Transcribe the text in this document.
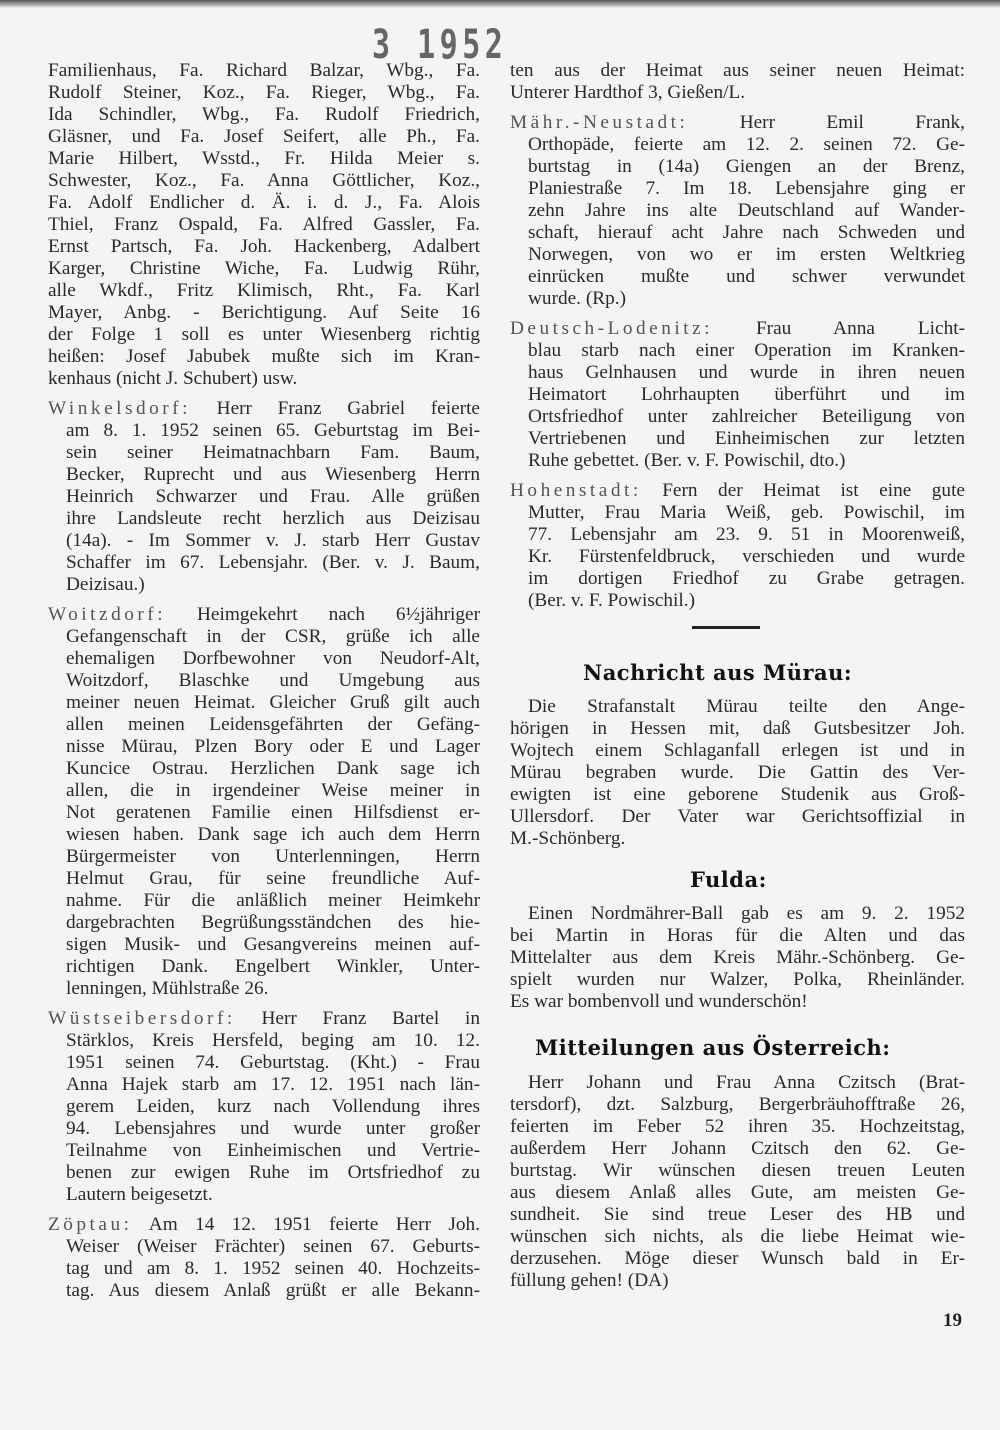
3 1952
Familienhaus, Fa. Richard Balzar, Wbg., Fa.
Rudolf Steiner, Koz., Fa. Rieger, Wbg., Fa.
Ida Schindler, Wbg., Fa. Rudolf Friedrich,
Gläsner, und Fa. Josef Seifert, alle Ph., Fa.
Marie Hilbert, Wsstd., Fr. Hilda Meier s.
Schwester, Koz., Fa. Anna Göttlicher, Koz.,
Fa. Adolf Endlicher d. Ä. i. d. J., Fa. Alois
Thiel, Franz Ospald, Fa. Alfred Gassler, Fa.
Ernst Partsch, Fa. Joh. Hackenberg, Adalbert
Karger, Christine Wiche, Fa. Ludwig Rühr,
alle Wkdf., Fritz Klimisch, Rht., Fa. Karl
Mayer, Anbg. - Berichtigung. Auf Seite 16
der Folge 1 soll es unter Wiesenberg richtig
heißen: Josef Jabubek mußte sich im Kran-
kenhaus (nicht J. Schubert) usw.
Winkelsdorf: Herr Franz Gabriel feierte
am 8. 1. 1952 seinen 65. Geburtstag im Bei-
sein seiner Heimatnachbarn Fam. Baum,
Becker, Ruprecht und aus Wiesenberg Herrn
Heinrich Schwarzer und Frau. Alle grüßen
ihre Landsleute recht herzlich aus Deizisau
(14a). - Im Sommer v. J. starb Herr Gustav
Schaffer im 67. Lebensjahr. (Ber. v. J. Baum,
Deizisau.)
Woitzdorf: Heimgekehrt nach 6½jähriger
Gefangenschaft in der CSR, grüße ich alle
ehemaligen Dorfbewohner von Neudorf-Alt,
Woitzdorf, Blaschke und Umgebung aus
meiner neuen Heimat. Gleicher Gruß gilt auch
allen meinen Leidensgefährten der Gefäng-
nisse Mürau, Plzen Bory oder E und Lager
Kuncice Ostrau. Herzlichen Dank sage ich
allen, die in irgendeiner Weise meiner in
Not geratenen Familie einen Hilfsdienst er-
wiesen haben. Dank sage ich auch dem Herrn
Bürgermeister von Unterlenningen, Herrn
Helmut Grau, für seine freundliche Auf-
nahme. Für die anläßlich meiner Heimkehr
dargebrachten Begrüßungsständchen des hie-
sigen Musik- und Gesangvereins meinen auf-
richtigen Dank. Engelbert Winkler, Unter-
lenningen, Mühlstraße 26.
Wüstseibersdorf: Herr Franz Bartel in
Stärklos, Kreis Hersfeld, beging am 10. 12.
1951 seinen 74. Geburtstag. (Kht.) - Frau
Anna Hajek starb am 17. 12. 1951 nach län-
gerem Leiden, kurz nach Vollendung ihres
94. Lebensjahres und wurde unter großer
Teilnahme von Einheimischen und Vertrie-
benen zur ewigen Ruhe im Ortsfriedhof zu
Lautern beigesetzt.
Zöptau: Am 14 12. 1951 feierte Herr Joh.
Weiser (Weiser Frächter) seinen 67. Geburts-
tag und am 8. 1. 1952 seinen 40. Hochzeits-
tag. Aus diesem Anlaß grüßt er alle Bekann-
ten aus der Heimat aus seiner neuen Heimat:
Unterer Hardthof 3, Gießen/L.
Mähr.-Neustadt: Herr Emil Frank,
Orthopäde, feierte am 12. 2. seinen 72. Ge-
burtstag in (14a) Giengen an der Brenz,
Planiestraße 7. Im 18. Lebensjahre ging er
zehn Jahre ins alte Deutschland auf Wander-
schaft, hierauf acht Jahre nach Schweden und
Norwegen, von wo er im ersten Weltkrieg
einrücken mußte und schwer verwundet
wurde. (Rp.)
Deutsch-Lodenitz: Frau Anna Licht-
blau starb nach einer Operation im Kranken-
haus Gelnhausen und wurde in ihren neuen
Heimatort Lohrhaupten überführt und im
Ortsfriedhof unter zahlreicher Beteiligung von
Vertriebenen und Einheimischen zur letzten
Ruhe gebettet. (Ber. v. F. Powischil, dto.)
Hohenstadt: Fern der Heimat ist eine gute
Mutter, Frau Maria Weiß, geb. Powischil, im
77. Lebensjahr am 23. 9. 51 in Moorenweiß,
Kr. Fürstenfeldbruck, verschieden und wurde
im dortigen Friedhof zu Grabe getragen.
(Ber. v. F. Powischil.)
Nachricht aus Mürau:
Die Strafanstalt Mürau teilte den Ange-
hörigen in Hessen mit, daß Gutsbesitzer Joh.
Wojtech einem Schlaganfall erlegen ist und in
Mürau begraben wurde. Die Gattin des Ver-
ewigten ist eine geborene Studenik aus Groß-
Ullersdorf. Der Vater war Gerichtsoffizial in
M.-Schönberg.
Fulda:
Einen Nordmährer-Ball gab es am 9. 2. 1952
bei Martin in Horas für die Alten und das
Mittelalter aus dem Kreis Mähr.-Schönberg. Ge-
spielt wurden nur Walzer, Polka, Rheinländer.
Es war bombenvoll und wunderschön!
Mitteilungen aus Österreich:
Herr Johann und Frau Anna Czitsch (Brat-
tersdorf), dzt. Salzburg, Bergerbräuhofftraße 26,
feierten im Feber 52 ihren 35. Hochzeitstag,
außerdem Herr Johann Czitsch den 62. Ge-
burtstag. Wir wünschen diesen treuen Leuten
aus diesem Anlaß alles Gute, am meisten Ge-
sundheit. Sie sind treue Leser des HB und
wünschen sich nichts, als die liebe Heimat wie-
derzusehen. Möge dieser Wunsch bald in Er-
füllung gehen! (DA)
19
